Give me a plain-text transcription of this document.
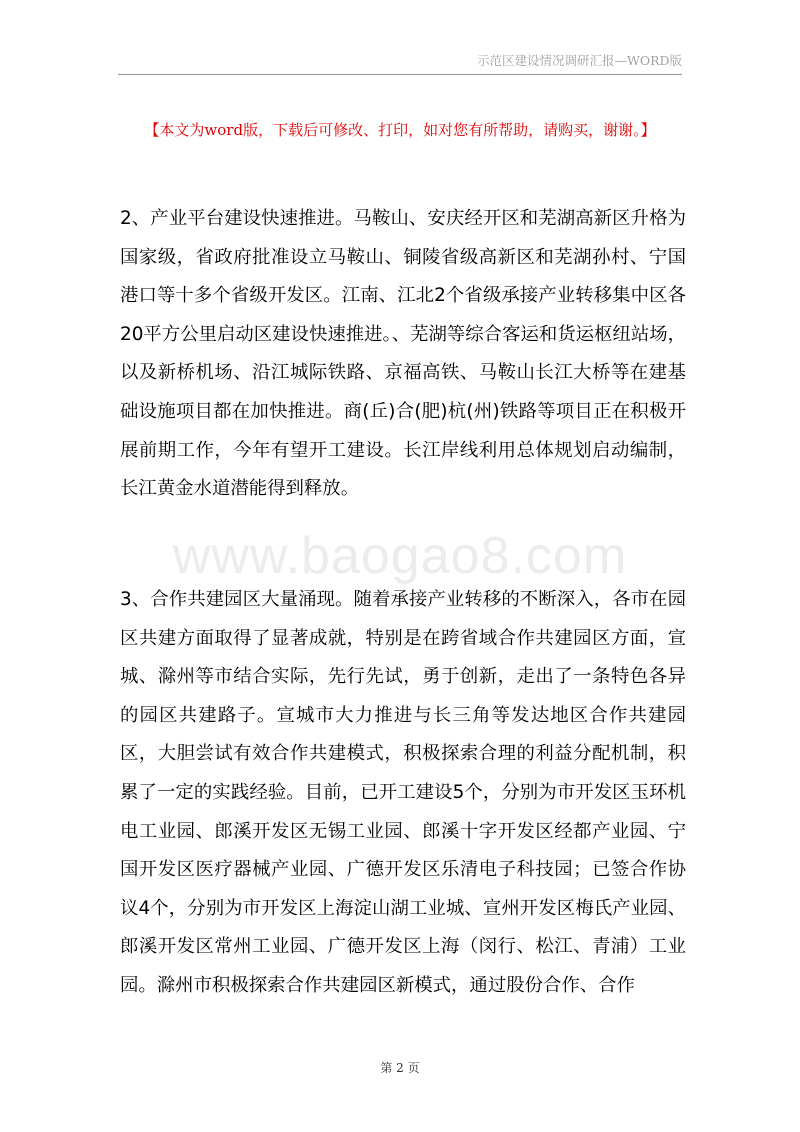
示范区建设情况调研汇报—WORD版
【本文为word版，下载后可修改、打印，如对您有所帮助，请购买，谢谢。】
www.baogao8.com
2、产业平台建设快速推进。马鞍山、安庆经开区和芜湖高新区升格为国家级，省政府批准设立马鞍山、铜陵省级高新区和芜湖孙村、宁国港口等十多个省级开发区。江南、江北2个省级承接产业转移集中区各20平方公里启动区建设快速推进。、芜湖等综合客运和货运枢纽站场，以及新桥机场、沿江城际铁路、京福高铁、马鞍山长江大桥等在建基础设施项目都在加快推进。商(丘)合(肥)杭(州)铁路等项目正在积极开展前期工作，今年有望开工建设。长江岸线利用总体规划启动编制，长江黄金水道潜能得到释放。
3、合作共建园区大量涌现。随着承接产业转移的不断深入，各市在园区共建方面取得了显著成就，特别是在跨省域合作共建园区方面，宣城、滁州等市结合实际，先行先试，勇于创新，走出了一条特色各异的园区共建路子。宣城市大力推进与长三角等发达地区合作共建园区，大胆尝试有效合作共建模式，积极探索合理的利益分配机制，积累了一定的实践经验。目前，已开工建设5个，分别为市开发区玉环机电工业园、郎溪开发区无锡工业园、郎溪十字开发区经都产业园、宁国开发区医疗器械产业园、广德开发区乐清电子科技园；已签合作协议4个，分别为市开发区上海淀山湖工业城、宣州开发区梅氏产业园、郎溪开发区常州工业园、广德开发区上海（闵行、松江、青浦）工业园。滁州市积极探索合作共建园区新模式，通过股份合作、合作
第 2 页
